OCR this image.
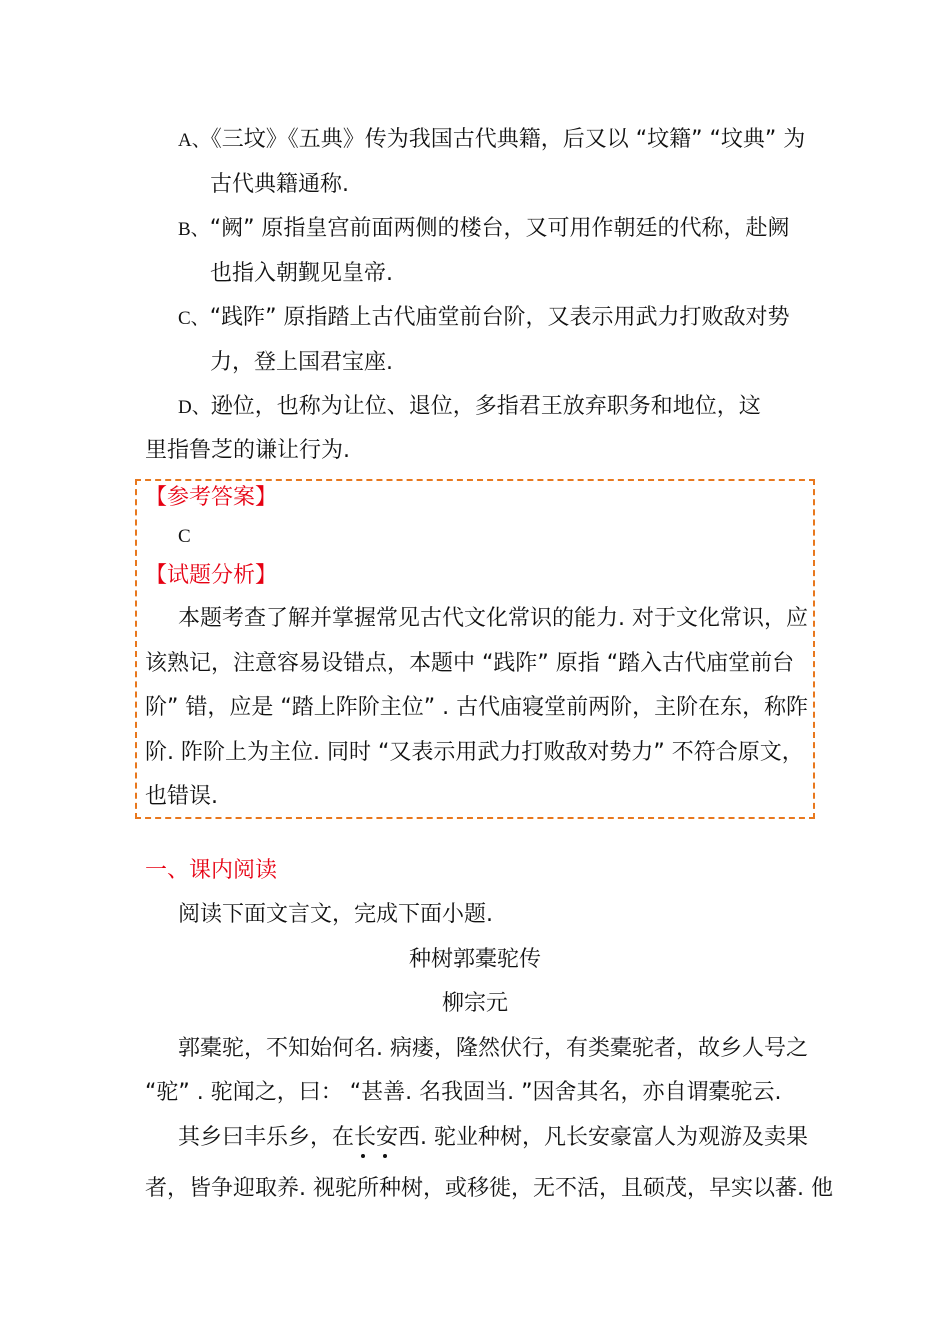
A、《三坟》《五典》传为我国古代典籍，后又以 “坟籍” “坟典” 为
古代典籍通称.
B、“阙” 原指皇宫前面两侧的楼台，又可用作朝廷的代称，赴阙
也指入朝觐见皇帝.
C、“践阼” 原指踏上古代庙堂前台阶，又表示用武力打败敌对势
力，登上国君宝座.
D、逊位，也称为让位、退位，多指君王放弃职务和地位，这
里指鲁芝的谦让行为.
【参考答案】
C
【试题分析】
本题考查了解并掌握常见古代文化常识的能力. 对于文化常识，应
该熟记，注意容易设错点，本题中 “践阼” 原指 “踏入古代庙堂前台
阶” 错，应是 “踏上阼阶主位” . 古代庙寝堂前两阶，主阶在东，称阼
阶. 阼阶上为主位. 同时 “又表示用武力打败敌对势力” 不符合原文，
也错误.
一、课内阅读
阅读下面文言文，完成下面小题.
种树郭橐驼传
柳宗元
郭橐驼，不知始何名. 病瘘，隆然伏行，有类橐驼者，故乡人号之
“驼” . 驼闻之，曰： “甚善. 名我固当. ”因舍其名，亦自谓橐驼云.
其乡曰丰乐乡，在长安西. 驼业种树，凡长安豪富人为观游及卖果
者，皆争迎取养. 视驼所种树，或移徙，无不活，且硕茂，早实以蕃. 他
